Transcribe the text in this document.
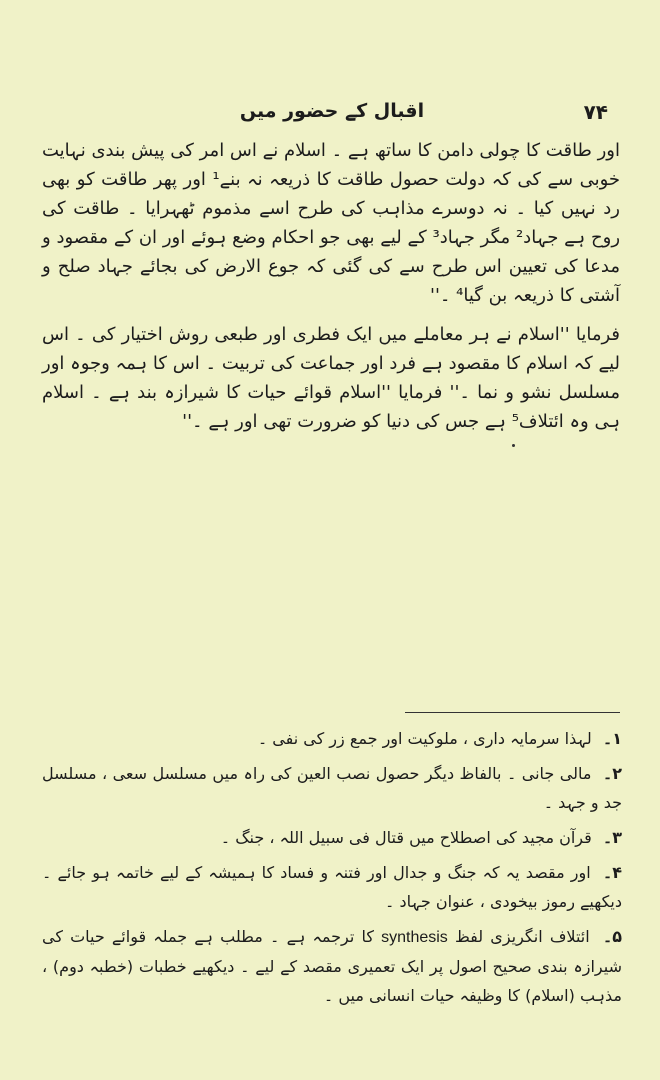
۷۴
اقبال کے حضور میں

اور طاقت کا چولی دامن کا ساتھ ہے ۔ اسلام نے اس امر کی پیش بندی نہایت خوبی سے کی کہ دولت حصول طاقت کا ذریعہ نہ بنے¹ اور پھر طاقت کو بھی رد نہیں کیا ۔ نہ دوسرے مذاہب کی طرح اسے مذموم ٹھہرایا ۔ طاقت کی روح ہے جہاد² مگر جہاد³ کے لیے بھی جو احکام وضع ہوئے اور ان کے مقصود و مدعا کی تعیین اس طرح سے کی گئی کہ جوع الارض کی بجائے جہاد صلح و آشتی کا ذریعہ بن گیا⁴ ۔''

فرمایا ''اسلام نے ہر معاملے میں ایک فطری اور طبعی روش اختیار کی ۔ اس لیے کہ اسلام کا مقصود ہے فرد اور جماعت کی تربیت ۔ اس کا ہمہ وجوہ اور مسلسل نشو و نما ۔'' فرمایا ''اسلام قوائے حیات کا شیرازہ بند ہے ۔ اسلام ہی وہ ائتلاف⁵ ہے جس کی دنیا کو ضرورت تھی اور ہے ۔''

۱۔ لہذا سرمایہ داری ، ملوکیت اور جمع زر کی نفی ۔
۲۔ مالی جانی ۔ بالفاظ دیگر حصول نصب العین کی راہ میں مسلسل سعی ، مسلسل جد و جہد ۔
۳۔ قرآن مجید کی اصطلاح میں قتال فی سبیل اللہ ، جنگ ۔
۴۔ اور مقصد یہ کہ جنگ و جدال اور فتنہ و فساد کا ہمیشہ کے لیے خاتمہ ہو جائے ۔ دیکھیے رموز بیخودی ، عنوان جہاد ۔
۵۔ ائتلاف انگریزی لفظ synthesis کا ترجمہ ہے ۔ مطلب ہے جملہ قوائے حیات کی شیرازہ بندی صحیح اصول پر ایک تعمیری مقصد کے لیے ۔ دیکھیے خطبات (خطبہ دوم) ، مذہب (اسلام) کا وظیفہ حیات انسانی میں ۔
